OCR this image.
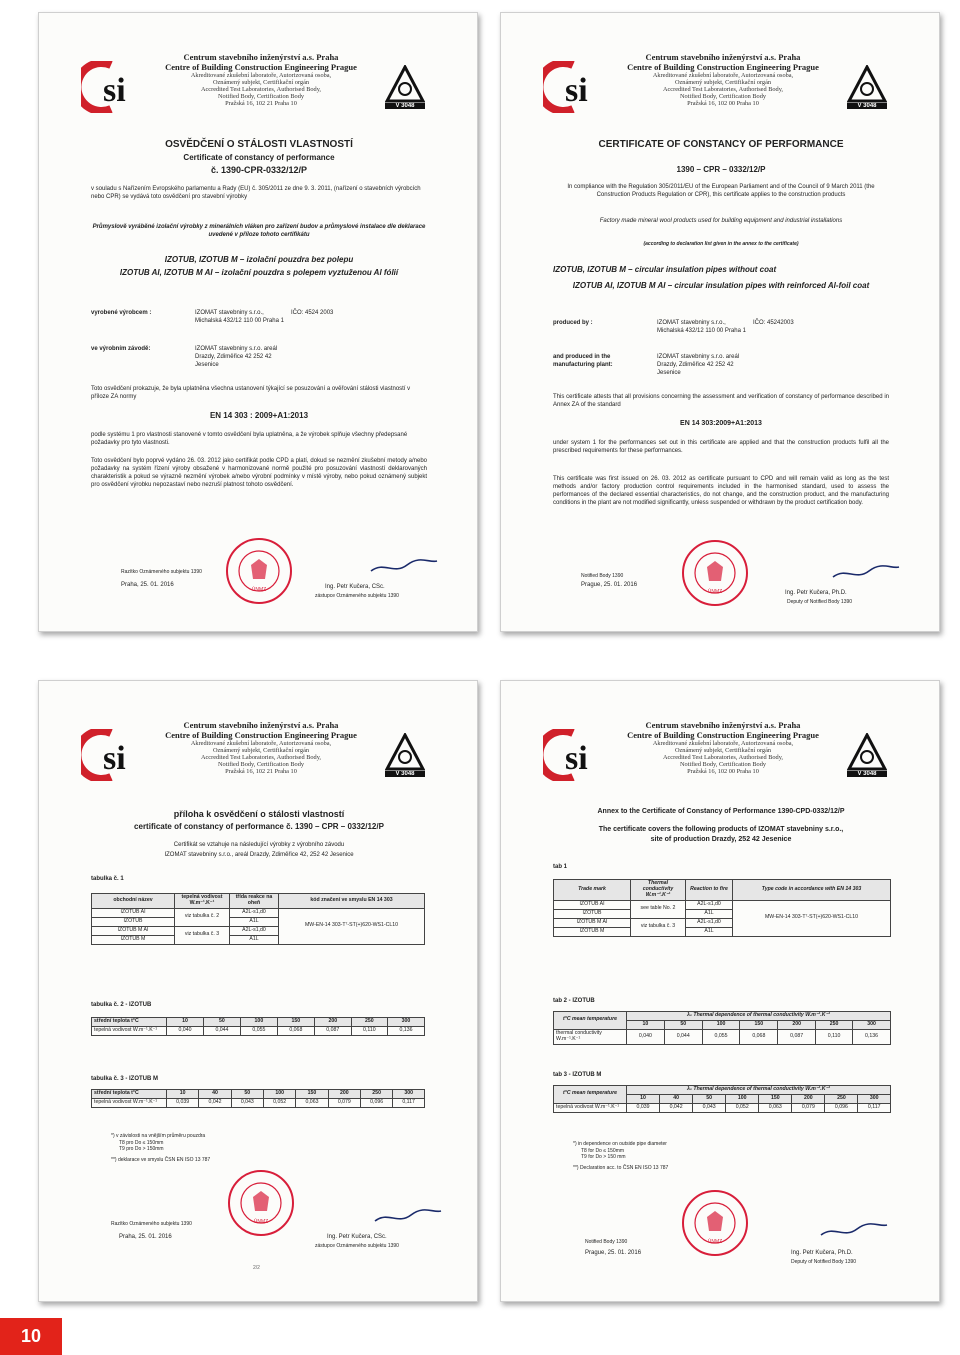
si
Centrum stavebního inženýrství a.s. Praha
Centre of Building Construction Engineering Prague
Akreditované zkušební laboratoře, Autorizovaná osoba,
Oznámený subjekt, Certifikační orgán
Accredited Test Laboratories, Authorised Body,
Notified Body, Certification Body
Pražská 16, 102 21 Praha 10	V 3048
OSVĚDČENÍ O STÁLOSTI VLASTNOSTÍ
Certificate of constancy of performance
č. 1390-CPR-0332/12/P
v souladu s Nařízením Evropského parlamentu a Rady (EU) č. 305/2011 ze dne 9. 3. 2011, (nařízení o stavebních výrobcích nebo CPR) se vydává toto osvědčení pro stavební výrobky
Průmyslově vyráběné izolační výrobky z minerálních vláken pro zařízení budov a průmyslové instalace dle deklarace uvedené v příloze tohoto certifikátu
IZOTUB, IZOTUB M – izolační pouzdra bez polepu
IZOTUB AI, IZOTUB M AI – izolační pouzdra s polepem vyztuženou Al fólií
vyrobené výrobcem :	IZOMAT stavebniny s.r.o., Michalská 432/12 110 00 Praha 1
IČO: 4524 2003
ve výrobním závodě:	IZOMAT stavebniny s.r.o. areál Drazdy, Zdiměřice 42 252 42 Jesenice
Toto osvědčení prokazuje, že byla uplatněna všechna ustanovení týkající se posuzování a ověřování stálosti vlastností v příloze ZA normy
EN 14 303 : 2009+A1:2013
podle systému 1 pro vlastnosti stanovené v tomto osvědčení byla uplatněna, a že výrobek splňuje všechny předepsané požadavky pro tyto vlastnosti.
Toto osvědčení bylo poprvé vydáno 26. 03. 2012 jako certifikát podle CPD a platí, dokud se nezmění zkušební metody a/nebo požadavky na systém řízení výroby obsažené v harmonizované normě použité pro posuzování vlastností deklarovaných charakteristik a pokud se výrazně nezmění výrobek a/nebo výrobní podmínky v místě výroby, nebo pokud oznámený subjekt pro osvědčení výrobku nepozastaví nebo nezruší platnost tohoto osvědčení.
Razítko Oznámeného subjektu 1390
Praha, 25. 01. 2016
ÚNMZ	Ing. Petr Kučera, CSc.
zástupce Oznámeného subjektu 1390
si
Centrum stavebního inženýrství a.s. Praha
Centre of Building Construction Engineering Prague
Akreditované zkušební laboratoře, Autorizovaná osoba,
Oznámený subjekt, Certifikační orgán
Accredited Test Laboratories, Authorised Body,
Notified Body, Certification Body
Pražská 16, 102 00 Praha 10	V 3048
CERTIFICATE OF CONSTANCY OF PERFORMANCE
1390 – CPR – 0332/12/P
In compliance with the Regulation 305/2011/EU of the European Parliament and of the Council of 9 March 2011 (the Construction Products Regulation or CPR), this certificate applies to the construction products
Factory made mineral wool products used for building equipment and industrial installations
(according to declaration list given in the annex to the certificate)
IZOTUB, IZOTUB M – circular insulation pipes without coat
IZOTUB AI, IZOTUB M AI – circular insulation pipes with reinforced Al-foil coat
produced by :	IZOMAT stavebniny s.r.o., Michalská 432/12 110 00 Praha 1
IČO: 45242003
and produced in the manufacturing plant:
IZOMAT stavebniny s.r.o. areál Drazdy, Zdiměřice 42 252 42 Jesenice
This certificate attests that all provisions concerning the assessment and verification of constancy of performance described in Annex ZA of the standard
EN 14 303:2009+A1:2013
under system 1 for the performances set out in this certificate are applied and that the construction products fulfil all the prescribed requirements for these performances.
This certificate was first issued on 26. 03. 2012 as certificate pursuant to CPD and will remain valid as long as the test methods and/or factory production control requirements included in the harmonised standard, used to assess the performances of the declared essential characteristics, do not change, and the construction product, and the manufacturing conditions in the plant are not modified significantly, unless suspended or withdrawn by the product certification body.
Notified Body 1390
Prague, 25. 01. 2016
ÚNMZ	Ing. Petr Kučera, Ph.D.
Deputy of Notified Body 1390
si
Centrum stavebního inženýrství a.s. Praha
Centre of Building Construction Engineering Prague
Akreditované zkušební laboratoře, Autorizovaná osoba,
Oznámený subjekt, Certifikační orgán
Accredited Test Laboratories, Authorised Body,
Notified Body, Certification Body
Pražská 16, 102 21 Praha 10	V 3048
příloha k osvědčení o stálosti vlastností
certificate of constancy of performance č. 1390 – CPR – 0332/12/P
Certifikát se vztahuje na následující výrobky z výrobního závodu
IZOMAT stavebniny s.r.o., areál Drazdy, Zdiměřice 42, 252 42 Jesenice
tabulka č. 1
obchodní název	tepelná vodivost W.m⁻¹.K⁻¹	třída reakce na oheň	kód značení ve smyslu EN 14 303
IZOTUB AI	viz tabulka č. 2	A2L-s1,d0	MW-EN-14 303-T⁷-ST(+)620-WS1-CL10
IZOTUB		A1L	
IZOTUB M AI	viz tabulka č. 3	A2L-s1,d0	
IZOTUB M		A1L	
tabulka č. 2 - IZOTUB
střední teplota t°C	10	50	100	150	200	250	300
tepelná vodivost W.m⁻¹.K⁻¹	0,040	0,044	0,055	0,068	0,087	0,110	0,136
tabulka č. 3 - IZOTUB M
střední teplota t°C	10	40	50	100	150	200	250	300
tepelná vodivost W.m⁻¹.K⁻¹	0,039	0,042	0,043	0,052	0,063	0,079	0,096	0,117
*) v závislosti na vnějším průměru pouzdra
T8 pro Do ≤ 150mm
T9 pro Do > 150mm
**) deklarace ve smyslu ČSN EN ISO 13 787
Razítko Oznámeného subjektu 1390
Praha, 25. 01. 2016
ÚNMZ
Ing. Petr Kučera, CSc.
zástupce Oznámeného subjektu 1390
2/2
si
Centrum stavebního inženýrství a.s. Praha
Centre of Building Construction Engineering Prague
Akreditované zkušební laboratoře, Autorizovaná osoba,
Oznámený subjekt, Certifikační orgán
Accredited Test Laboratories, Authorised Body,
Notified Body, Certification Body
Pražská 16, 102 00 Praha 10	V 3048
Annex to the Certificate of Constancy of Performance 1390-CPD-0332/12/P
The certificate covers the following products of IZOMAT stavebniny s.r.o.,
site of production Drazdy, 252 42 Jesenice
tab 1
Trade mark	Thermal conductivity W.m⁻¹.K⁻¹	Reaction to fire	Type code in accordance with EN 14 303
IZOTUB AI	see table No. 2	A2L-s1,d0	MW-EN-14 303-T⁷-ST(+)620-WS1-CL10
IZOTUB		A1L	
IZOTUB M AI	viz tabulka č. 3	A2L-s1,d0	
IZOTUB M		A1L	
tab 2 - IZOTUB
t°C mean temperature	λ₀ Thermal dependence of thermal conductivity W.m⁻¹.K⁻¹						
	10	50	100	150	200	250	300
thermal conductivity W.m⁻¹.K⁻¹	0,040	0,044	0,055	0,068	0,087	0,110	0,136
tab 3 - IZOTUB M
t°C mean temperature	λ₀ Thermal dependence of thermal conductivity W.m⁻¹.K⁻¹							
	10	40	50	100	150	200	250	300
tepelná vodivost W.m⁻¹.K⁻¹	0,039	0,042	0,043	0,052	0,063	0,079	0,096	0,117
*) in dependence on outside pipe diameter
T8 for Do ≤ 150mm
T9 for Do > 150 mm
**) Declaration acc. to ČSN EN ISO 13 787
Notified Body 1390
Prague, 25. 01. 2016
ÚNMZ
Ing. Petr Kučera, Ph.D.
Deputy of Notified Body 1390
10
